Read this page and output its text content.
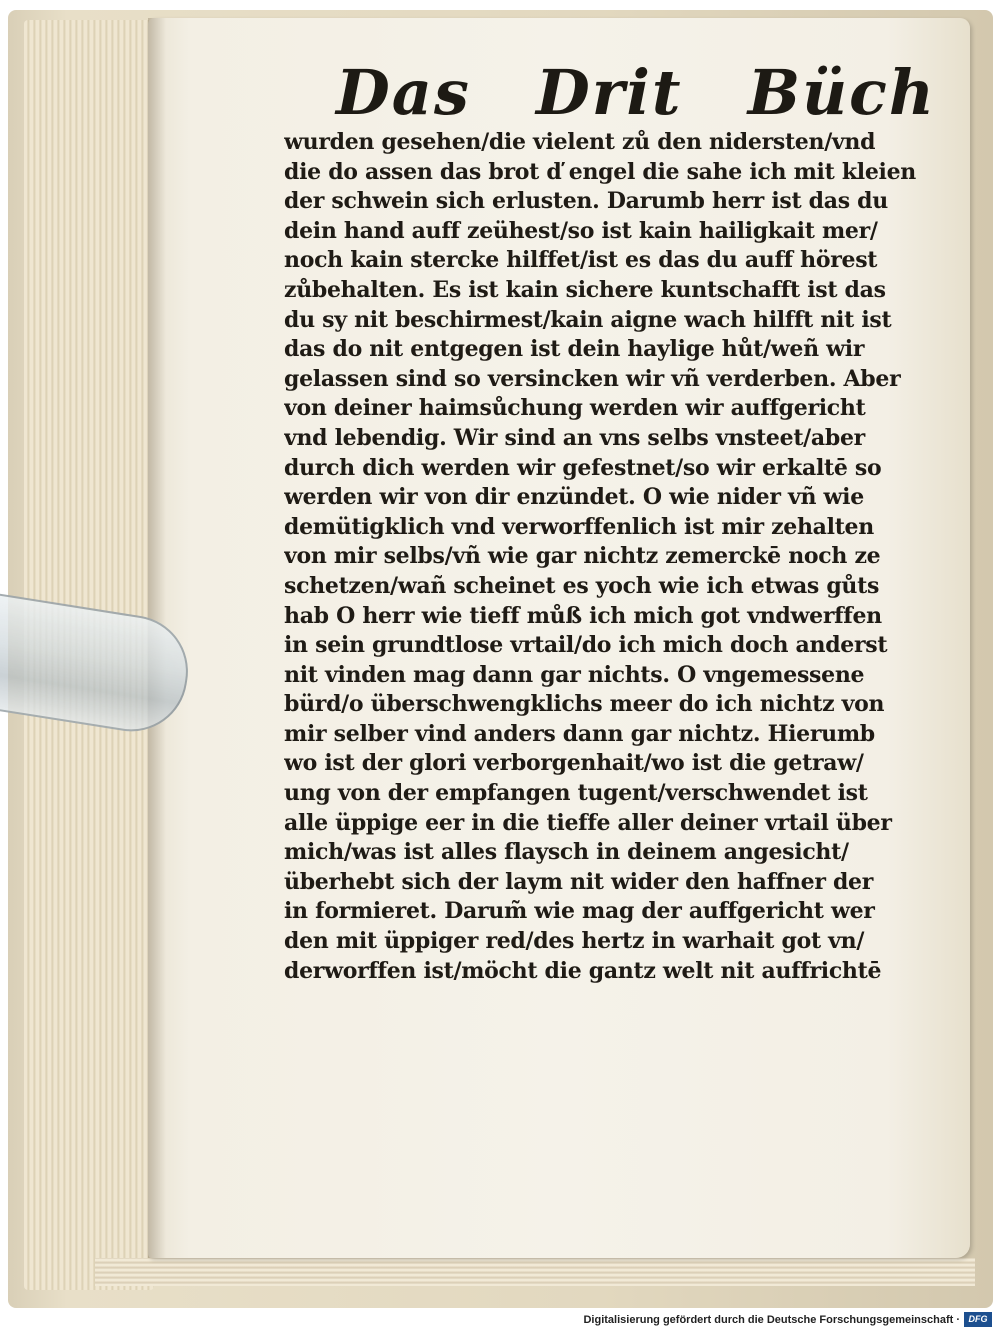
Das Drit Büch
wurden gesehen/die vielent zů den nidersten/vnd
die do assen das brot ď engel die sahe ich mit kleien
der schwein sich erlusten. Darumb herr ist das du
dein hand auff zeühest/so ist kain hailigkait mer/
noch kain stercke hilffet/ist es das du auff hörest
zůbehalten. Es ist kain sichere kuntschafft ist das
du sy nit beschirmest/kain aigne wach hilfft nit ist
das do nit entgegen ist dein haylige hůt/weñ wir
gelassen sind so versincken wir vñ verderben. Aber
von deiner haimsůchung werden wir auffgericht
vnd lebendig. Wir sind an vns selbs vnsteet/aber
durch dich werden wir gefestnet/so wir erkaltē so
werden wir von dir enzündet. O wie nider vñ wie
demütigklich vnd verworffenlich ist mir zehalten
von mir selbs/vñ wie gar nichtz zemerckē noch ze
schetzen/wañ scheinet es yoch wie ich etwas gůts
hab O herr wie tieff můß ich mich got vndwerffen
in sein grundtlose vrtail/do ich mich doch anderst
nit vinden mag dann gar nichts. O vngemessene
bürd/o überschwengklichs meer do ich nichtz von
mir selber vind anders dann gar nichtz. Hierumb
wo ist der glori verborgenhait/wo ist die getraw/
ung von der empfangen tugent/verschwendet ist
alle üppige eer in die tieffe aller deiner vrtail über
mich/was ist alles flaysch in deinem angesicht/
überhebt sich der laym nit wider den haffner der
in formieret. Darum̃ wie mag der auffgericht wer
den mit üppiger red/des hertz in warhait got vn/
derworffen ist/möcht die gantz welt nit auffrichtē
Digitalisierung gefördert durch die Deutsche Forschungsgemeinschaft · DFG
